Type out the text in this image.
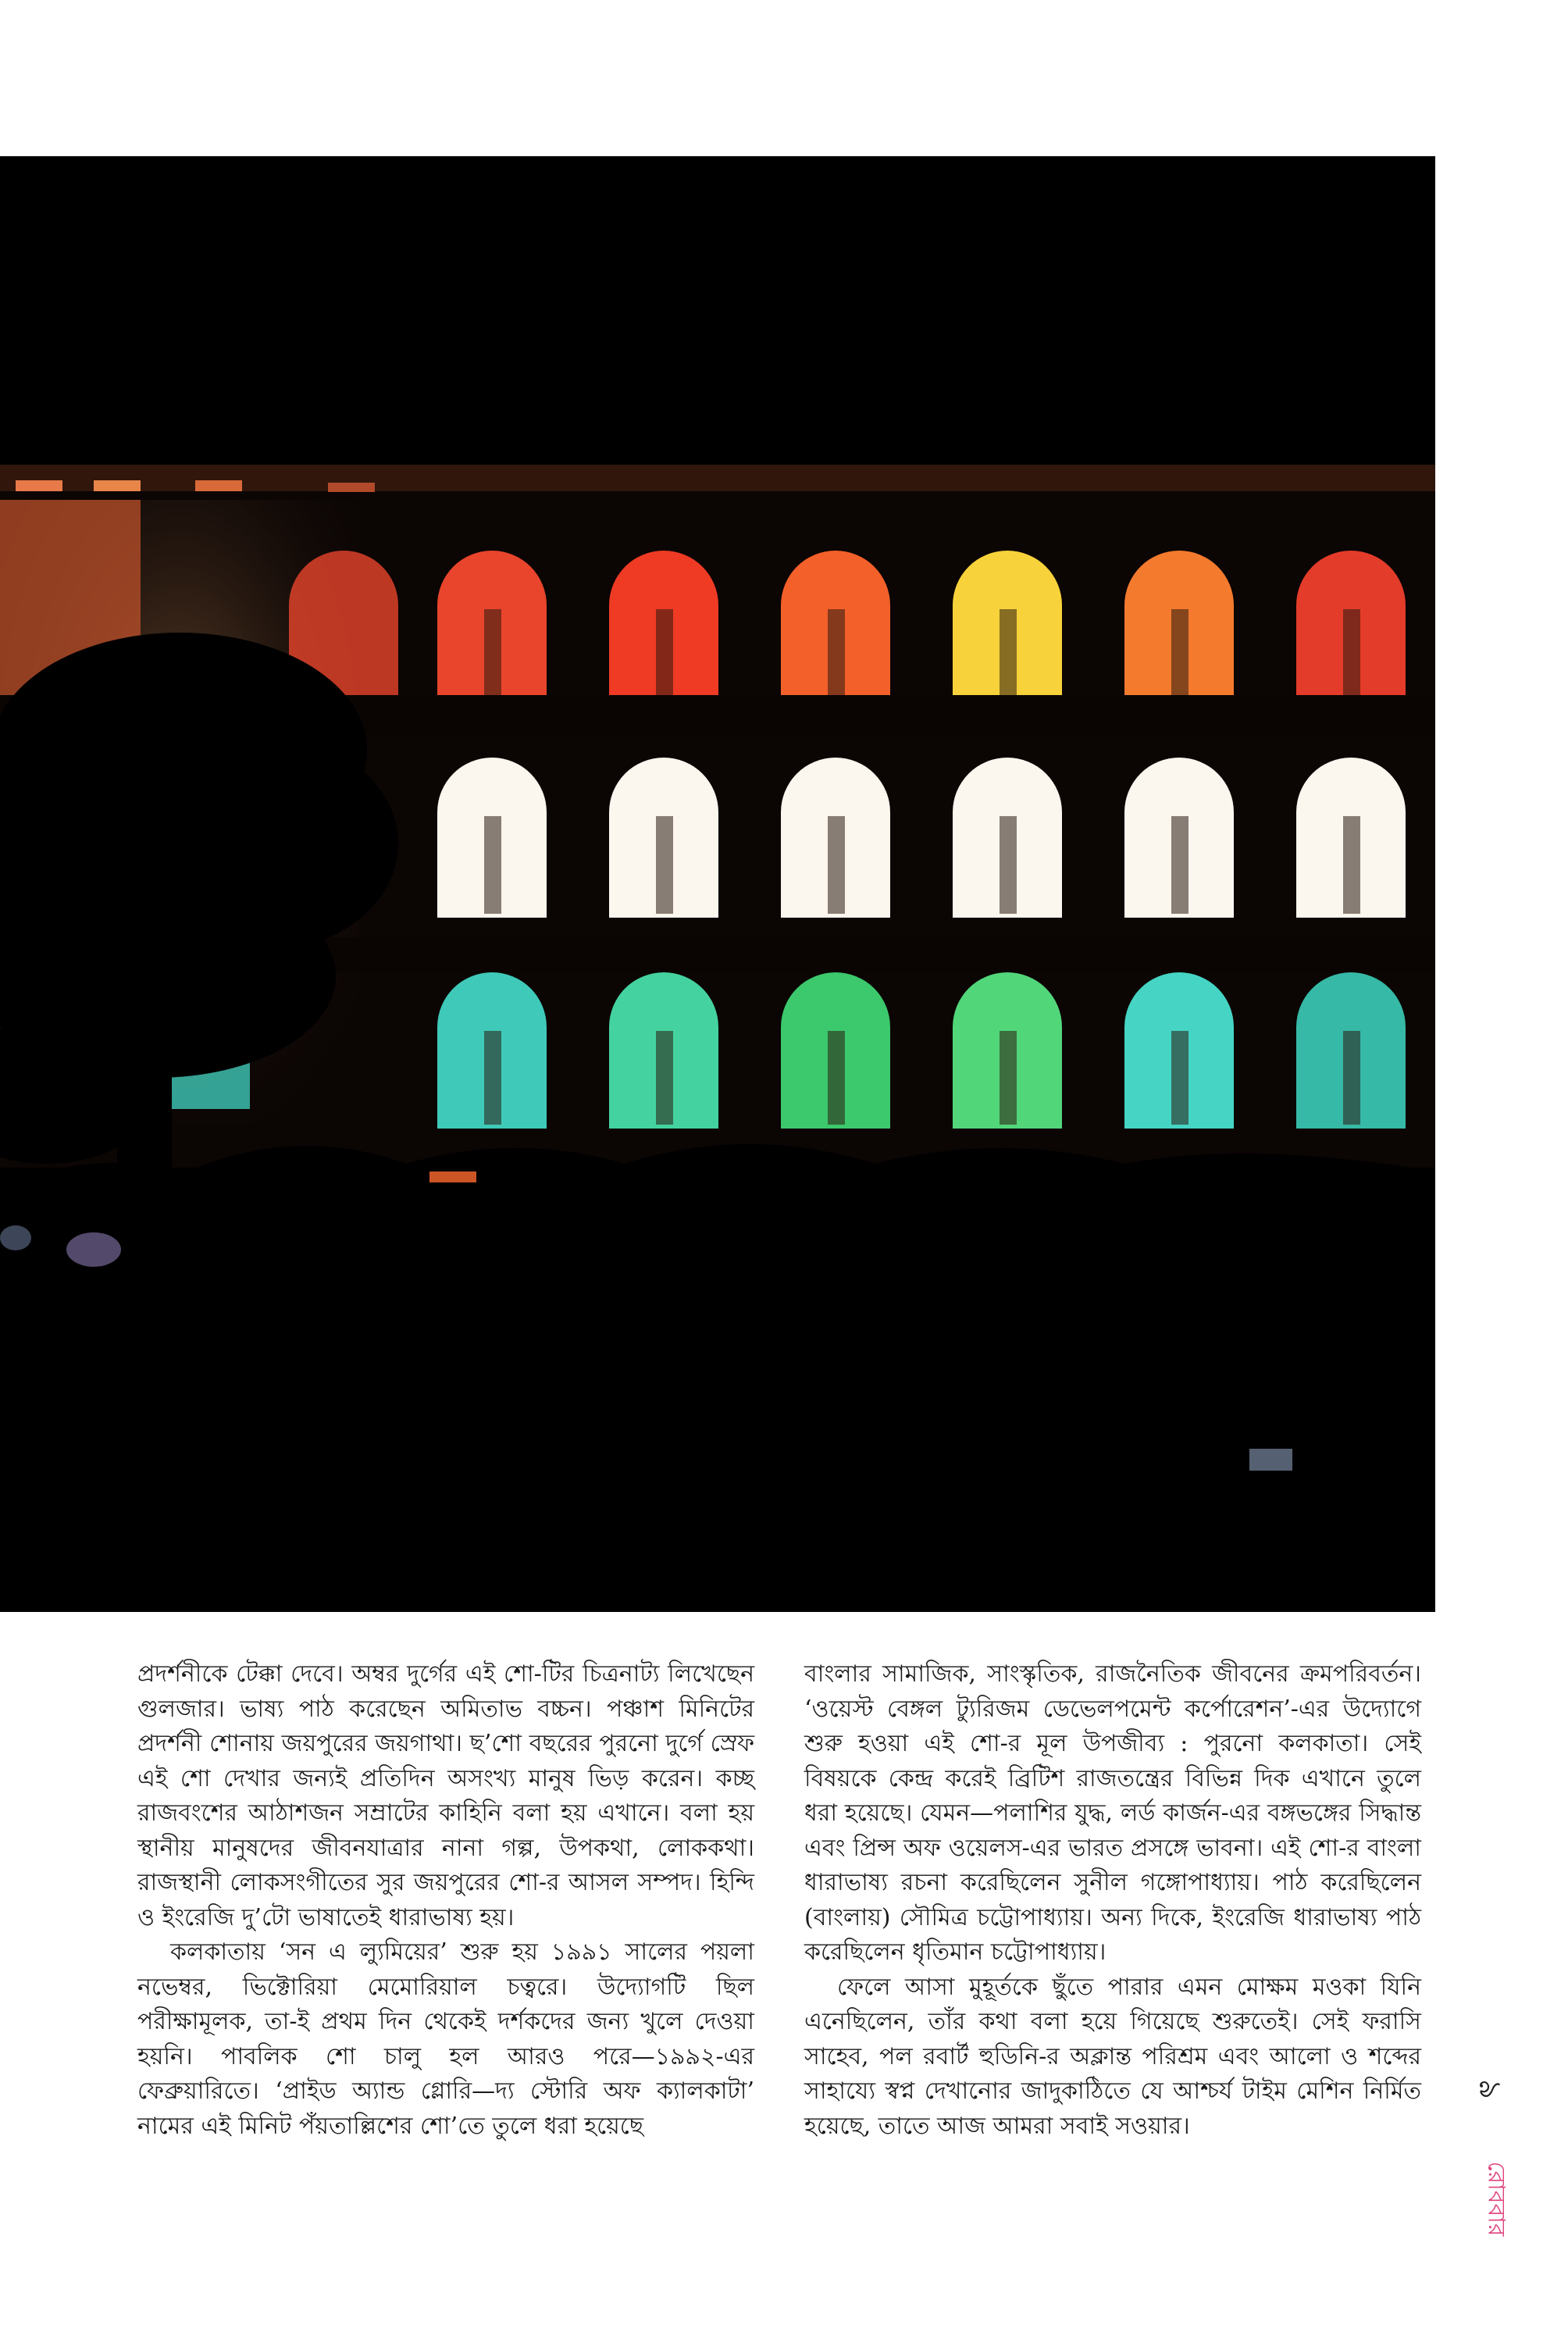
প্রদর্শনীকে টেক্কা দেবে। অম্বর দুর্গের এই শো-টির চিত্রনাট্য লিখেছেন গুলজার। ভাষ্য পাঠ করেছেন অমিতাভ বচ্চন। পঞ্চাশ মিনিটের প্রদর্শনী শোনায় জয়পুরের জয়গাথা। ছ’শো বছরের পুরনো দুর্গে স্রেফ এই শো দেখার জন্যই প্রতিদিন অসংখ্য মানুষ ভিড় করেন। কচ্ছ রাজবংশের আঠাশজন সম্রাটের কাহিনি বলা হয় এখানে। বলা হয় স্থানীয় মানুষদের জীবনযাত্রার নানা গল্প, উপকথা, লোককথা। রাজস্থানী লোকসংগীতের সুর জয়পুরের শো-র আসল সম্পদ। হিন্দি ও ইংরেজি দু’টো ভাষাতেই ধারাভাষ্য হয়।

কলকাতায় ‘সন এ ল্যুমিয়ের’ শুরু হয় ১৯৯১ সালের পয়লা নভেম্বর, ভিক্টোরিয়া মেমোরিয়াল চত্বরে। উদ্যোগটি ছিল পরীক্ষামূলক, তা-ই প্রথম দিন থেকেই দর্শকদের জন্য খুলে দেওয়া হয়নি। পাবলিক শো চালু হল আরও পরে—১৯৯২-এর ফেব্রুয়ারিতে। ‘প্রাইড অ্যান্ড গ্লোরি—দ্য স্টোরি অফ ক্যালকাটা’ নামের এই মিনিট পঁয়তাল্লিশের শো’তে তুলে ধরা হয়েছে

বাংলার সামাজিক, সাংস্কৃতিক, রাজনৈতিক জীবনের ক্রমপরিবর্তন। ‘ওয়েস্ট বেঙ্গল ট্যুরিজম ডেভেলপমেন্ট কর্পোরেশন’-এর উদ্যোগে শুরু হওয়া এই শো-র মূল উপজীব্য : পুরনো কলকাতা। সেই বিষয়কে কেন্দ্র করেই ব্রিটিশ রাজতন্ত্রের বিভিন্ন দিক এখানে তুলে ধরা হয়েছে। যেমন—পলাশির যুদ্ধ, লর্ড কার্জন-এর বঙ্গভঙ্গের সিদ্ধান্ত এবং প্রিন্স অফ ওয়েলস-এর ভারত প্রসঙ্গে ভাবনা। এই শো-র বাংলা ধারাভাষ্য রচনা করেছিলেন সুনীল গঙ্গোপাধ্যায়। পাঠ করেছিলেন (বাংলায়) সৌমিত্র চট্টোপাধ্যায়। অন্য দিকে, ইংরেজি ধারাভাষ্য পাঠ করেছিলেন ধৃতিমান চট্টোপাধ্যায়।

ফেলে আসা মুহূর্তকে ছুঁতে পারার এমন মোক্ষম মওকা যিনি এনেছিলেন, তাঁর কথা বলা হয়ে গিয়েছে শুরুতেই। সেই ফরাসি সাহেব, পল রবার্ট হুডিনি-র অক্লান্ত পরিশ্রম এবং আলো ও শব্দের সাহায্যে স্বপ্ন দেখানোর জাদুকাঠিতে যে আশ্চর্য টাইম মেশিন নির্মিত হয়েছে, তাতে আজ আমরা সবাই সওয়ার।

৯
রোববার
